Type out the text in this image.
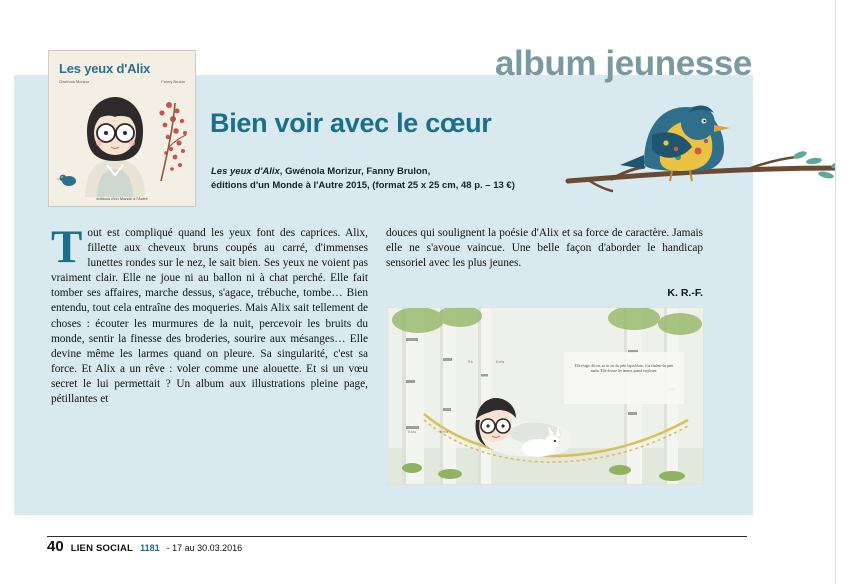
album jeunesse
Les yeux d'Alix
Gwénola Morizur	Fanny Brulon
éditions d'un Monde à l'Autre
Bien voir avec le cœur
Les yeux d'Alix, Gwénola Morizur, Fanny Brulon,
éditions d'un Monde à l'Autre 2015, (format 25 x 25 cm, 48 p. – 13 €)
Tout est compliqué quand les yeux font des caprices. Alix, fillette aux cheveux bruns coupés au carré, d'immenses lunettes rondes sur le nez, le sait bien. Ses yeux ne voient pas vraiment clair. Elle ne joue ni au ballon ni à chat perché. Elle fait tomber ses affaires, marche dessus, s'agace, trébuche, tombe… Bien entendu, tout cela entraîne des moqueries. Mais Alix sait tellement de choses : écouter les murmures de la nuit, percevoir les bruits du monde, sentir la finesse des broderies, sourire aux mésanges… Elle devine même les larmes quand on pleure. Sa singularité, c'est sa force. Et Alix a un rêve : voler comme une alouette. Et si un vœu secret le lui permettait ? Un album aux illustrations pleine page, pétillantes et
douces qui soulignent la poésie d'Alix et sa force de caractère. Jamais elle ne s'avoue vaincue. Une belle façon d'aborder le handicap sensoriel avec les plus jeunes.
K. R.-F.
Elle réagit, dit-on, au tic tac du petit lapin blanc, à la chaleur du petit matin. Elle devine les larmes quand on pleure.
Il a	Il m'a
Il a lu	Il m'a
40 LIEN SOCIAL 1181 - 17 au 30.03.2016
